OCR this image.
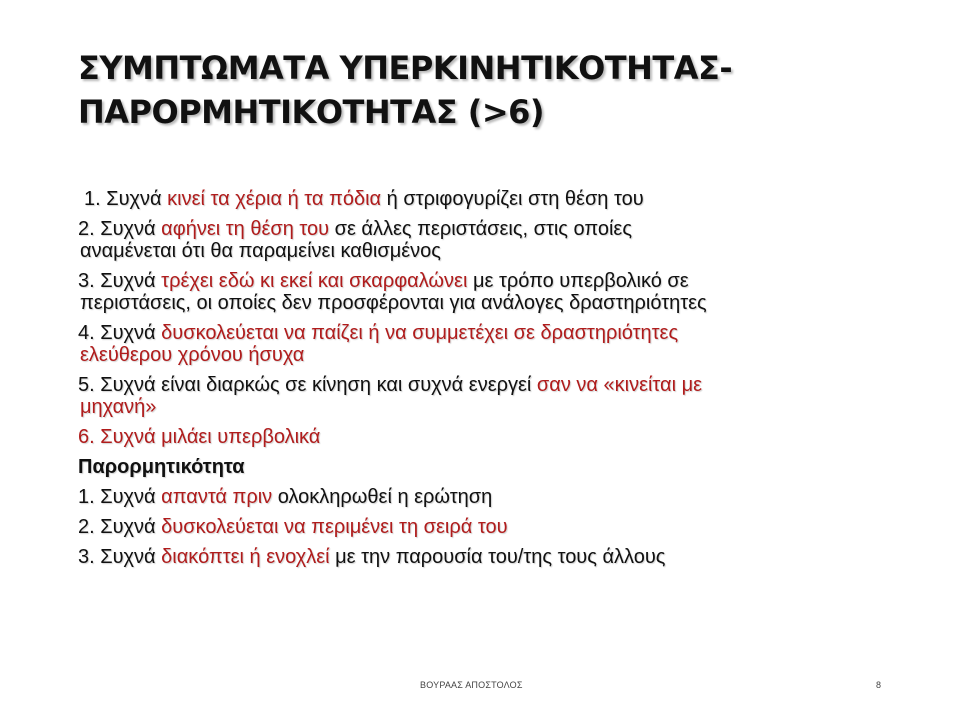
ΣΥΜΠΤΩΜΑΤΑ ΥΠΕΡΚΙΝΗΤΙΚΟΤΗΤΑΣ-
ΠΑΡΟΡΜΗΤΙΚΟΤΗΤΑΣ (>6)
1. Συχνά κινεί τα χέρια ή τα πόδια ή στριφογυρίζει στη θέση του
2. Συχνά αφήνει τη θέση του σε άλλες περιστάσεις, στις οποίες
αναμένεται ότι θα παραμείνει καθισμένος
3. Συχνά τρέχει εδώ κι εκεί και σκαρφαλώνει με τρόπο υπερβολικό σε
περιστάσεις, οι οποίες δεν προσφέρονται για ανάλογες δραστηριότητες
4. Συχνά δυσκολεύεται να παίζει ή να συμμετέχει σε δραστηριότητες
ελεύθερου χρόνου ήσυχα
5. Συχνά είναι διαρκώς σε κίνηση και συχνά ενεργεί σαν να «κινείται με
μηχανή»
6. Συχνά μιλάει υπερβολικά
Παρορμητικότητα
1. Συχνά απαντά πριν ολοκληρωθεί η ερώτηση
2. Συχνά δυσκολεύεται να περιμένει τη σειρά του
3. Συχνά διακόπτει ή ενοχλεί με την παρουσία του/της τους άλλους
ΒΟΥΡΑΑΣ ΑΠΟΣΤΟΛΟΣ	8
